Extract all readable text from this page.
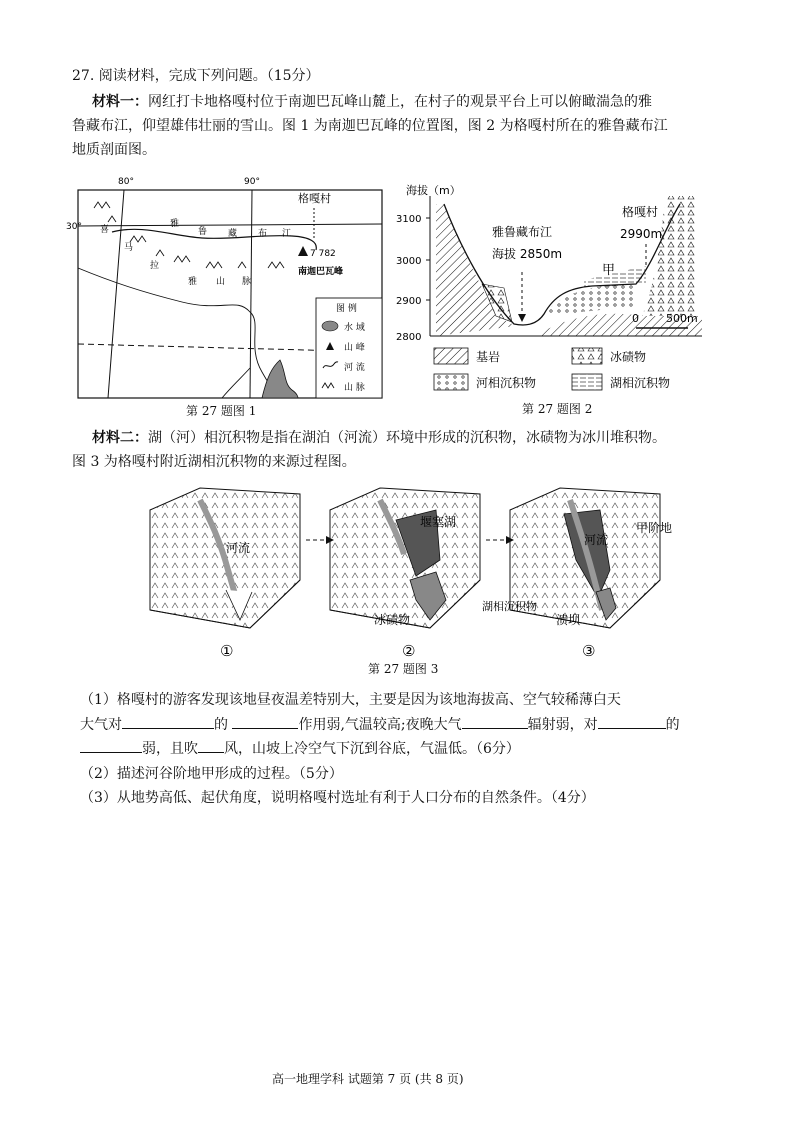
27. 阅读材料，完成下列问题。（15分）
材料一：网红打卡地格嘎村位于南迦巴瓦峰山麓上，在村子的观景平台上可以俯瞰湍急的雅
鲁藏布江，仰望雄伟壮丽的雪山。图 1 为南迦巴瓦峰的位置图，图 2 为格嘎村所在的雅鲁藏布江
地质剖面图。
80°	90°
30°
格嘎村
7 782
南迦巴瓦峰
雅
鲁 藏 布 江
喜
马
拉
雅 山 脉
图 例
水 域
山 峰
河 流
山 脉
第 27 题图 1
海拔（m）
3100
3000
2900
2800
雅鲁藏布江
海拔 2850m
格嘎村
2990m
甲
0 500m
基岩	冰碛物
河相沉积物	湖相沉积物
第 27 题图 2
材料二：湖（河）相沉积物是指在湖泊（河流）环境中形成的沉积物，冰碛物为冰川堆积物。
图 3 为格嘎村附近湖相沉积物的来源过程图。
河流
堰塞湖
冰碛物
河流
甲阶地
湖相沉积物
溃坝
①	②	③
第 27 题图 3
（1）格嘎村的游客发现该地昼夜温差特别大，主要是因为该地海拔高、空气较稀薄白天
大气对	的	作用弱,气温较高;夜晚大气	辐射弱，对	的
弱，且吹 风，山坡上冷空气下沉到谷底，气温低。（6分）
（2）描述河谷阶地甲形成的过程。（5分）
（3）从地势高低、起伏角度，说明格嘎村选址有利于人口分布的自然条件。（4分）
高一地理学科 试题第 7 页 (共 8 页)
